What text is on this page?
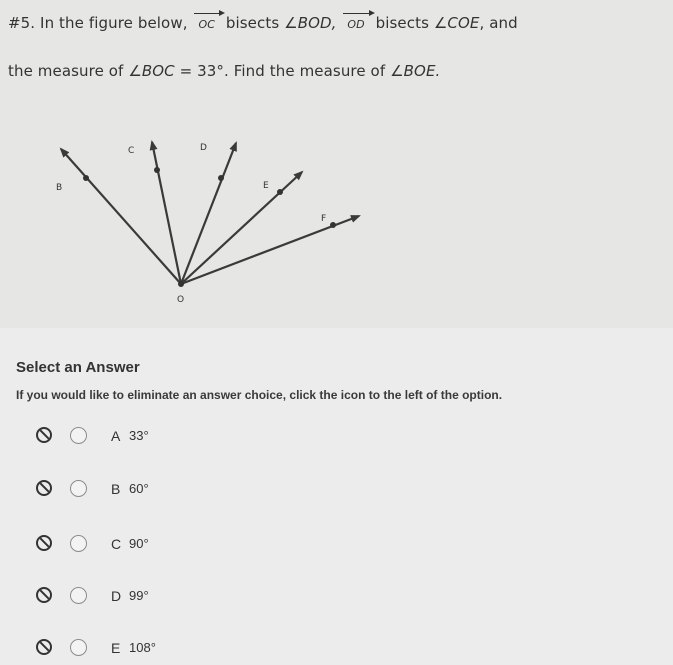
#5. In the figure below, OC bisects ∠BOD, OD bisects ∠COE, and
the measure of ∠BOC = 33°. Find the measure of ∠BOE.
B
C	D
E
F
O
Select an Answer
If you would like to eliminate an answer choice, click the icon to the left of the option.
A 33°
B 60°
C 90°
D 99°
E 108°
